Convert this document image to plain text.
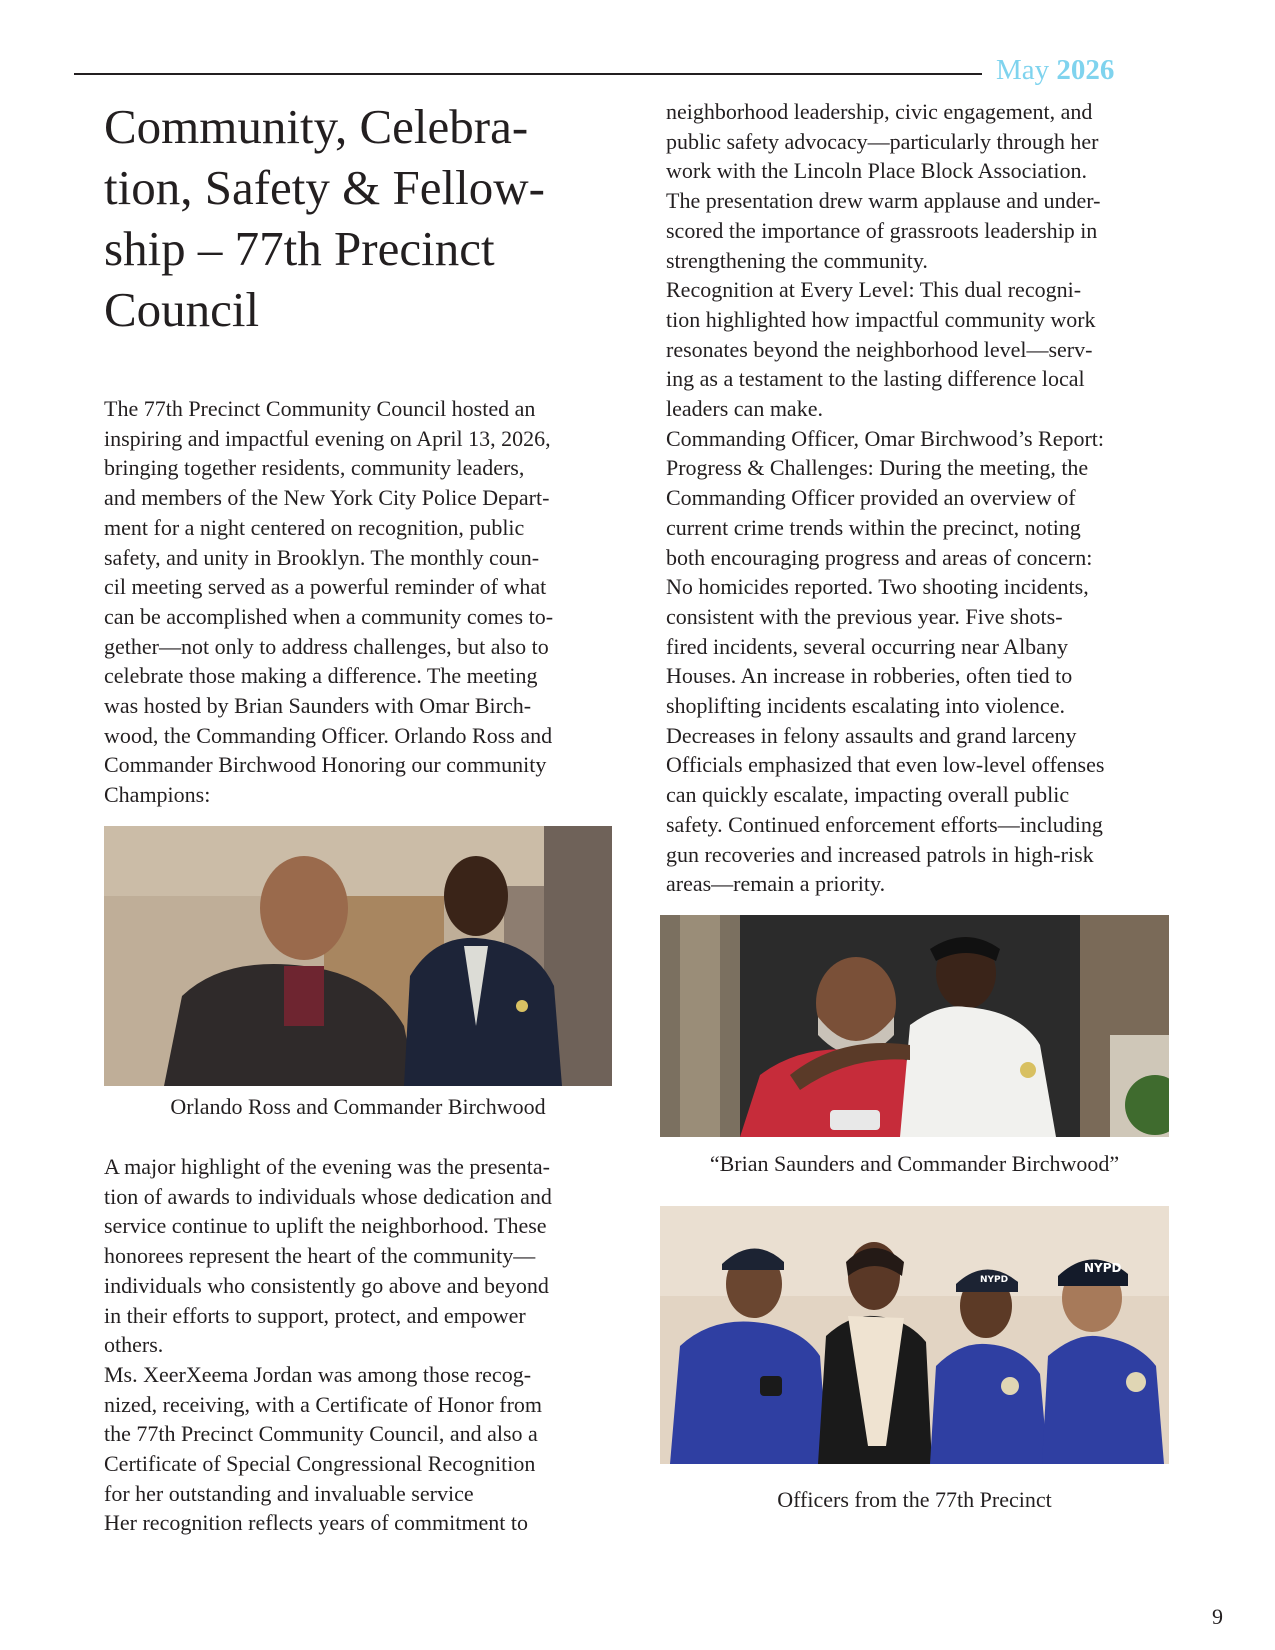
May 2026
Community, Celebra-
tion, Safety & Fellow-
ship – 77th Precinct
Council

The 77th Precinct Community Council hosted an

inspiring and impactful evening on April 13, 2026,

bringing together residents, community leaders,

and members of the New York City Police Depart-

ment for a night centered on recognition, public

safety, and unity in Brooklyn. The monthly coun-

cil meeting served as a powerful reminder of what

can be accomplished when a community comes to-

gether—not only to address challenges, but also to

celebrate those making a difference. The meeting

was hosted by Brian Saunders with Omar Birch-

wood, the Commanding Officer. Orlando Ross and

Commander Birchwood Honoring our community

Champions:

Orlando Ross and Commander Birchwood

A major highlight of the evening was the presenta-

tion of awards to individuals whose dedication and

service continue to uplift the neighborhood. These

honorees represent the heart of the community—

individuals who consistently go above and beyond

in their efforts to support, protect, and empower

others.

Ms. XeerXeema Jordan was among those recog-

nized, receiving, with a Certificate of Honor from

the 77th Precinct Community Council, and also a

Certificate of Special Congressional Recognition

for her outstanding and invaluable service

Her recognition reflects years of commitment to

neighborhood leadership, civic engagement, and

public safety advocacy—particularly through her

work with the Lincoln Place Block Association.

The presentation drew warm applause and under-

scored the importance of grassroots leadership in

strengthening the community.

Recognition at Every Level: This dual recogni-

tion highlighted how impactful community work

resonates beyond the neighborhood level—serv-

ing as a testament to the lasting difference local

leaders can make.

Commanding Officer, Omar Birchwood’s Report:

Progress & Challenges: During the meeting, the

Commanding Officer provided an overview of

current crime trends within the precinct, noting

both encouraging progress and areas of concern:

No homicides reported. Two shooting incidents,

consistent with the previous year. Five shots-

fired incidents, several occurring near Albany

Houses. An increase in robberies, often tied to

shoplifting incidents escalating into violence.

Decreases in felony assaults and grand larceny

Officials emphasized that even low-level offenses

can quickly escalate, impacting overall public

safety. Continued enforcement efforts—including

gun recoveries and increased patrols in high-risk

areas—remain a priority.

“Brian Saunders and Commander Birchwood”
NYPD
NYPD
Officers from the 77th Precinct
9
